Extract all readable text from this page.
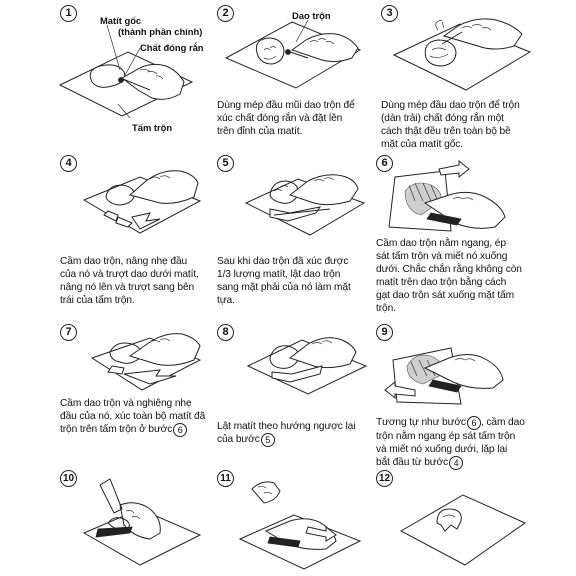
1
Matít gốc
(thành phần chính)
Chất đóng rắn
Tấm trộn
2	Dao trộn
Dùng mép đầu mũi dao trộn để
xúc chất đóng rắn và đặt lên
trên đỉnh của matít.
3
Dùng mép đầu dao trộn để trộn
(dàn trải) chất đóng rắn một
cách thật đều trên toàn bộ bề
mặt của matít gốc.
4
Cầm dao trộn, nâng nhẹ đầu
của nó và trượt dao dưới matít,
nâng nó lên và trượt sang bên
trái của tấm trộn.
5
Sau khi dao trộn đã xúc được
1/3 lượng matít, lật dao trộn
sang mặt phải của nó làm mặt
tựa.
6
Cầm dao trộn nằm ngang, ép
sát tấm trộn và miết nó xuống
dưới. Chắc chắn rằng không còn
matít trên dao trộn bằng cách
gạt dao trộn sát xuống mặt tấm
trộn.
7
Cầm dao trộn và nghiêng nhẹ
đầu của nó, xúc toàn bộ matít đã
trộn trên tấm trộn ở bước 6
8
Lật matít theo hướng ngược lại
của bước 5
9
Tương tự như bước 6 , cầm dao
trộn nằm ngang ép sát tấm trộn
và miết nó xuống dưới, lặp lại
bắt đầu từ bước 4
10	11	12
